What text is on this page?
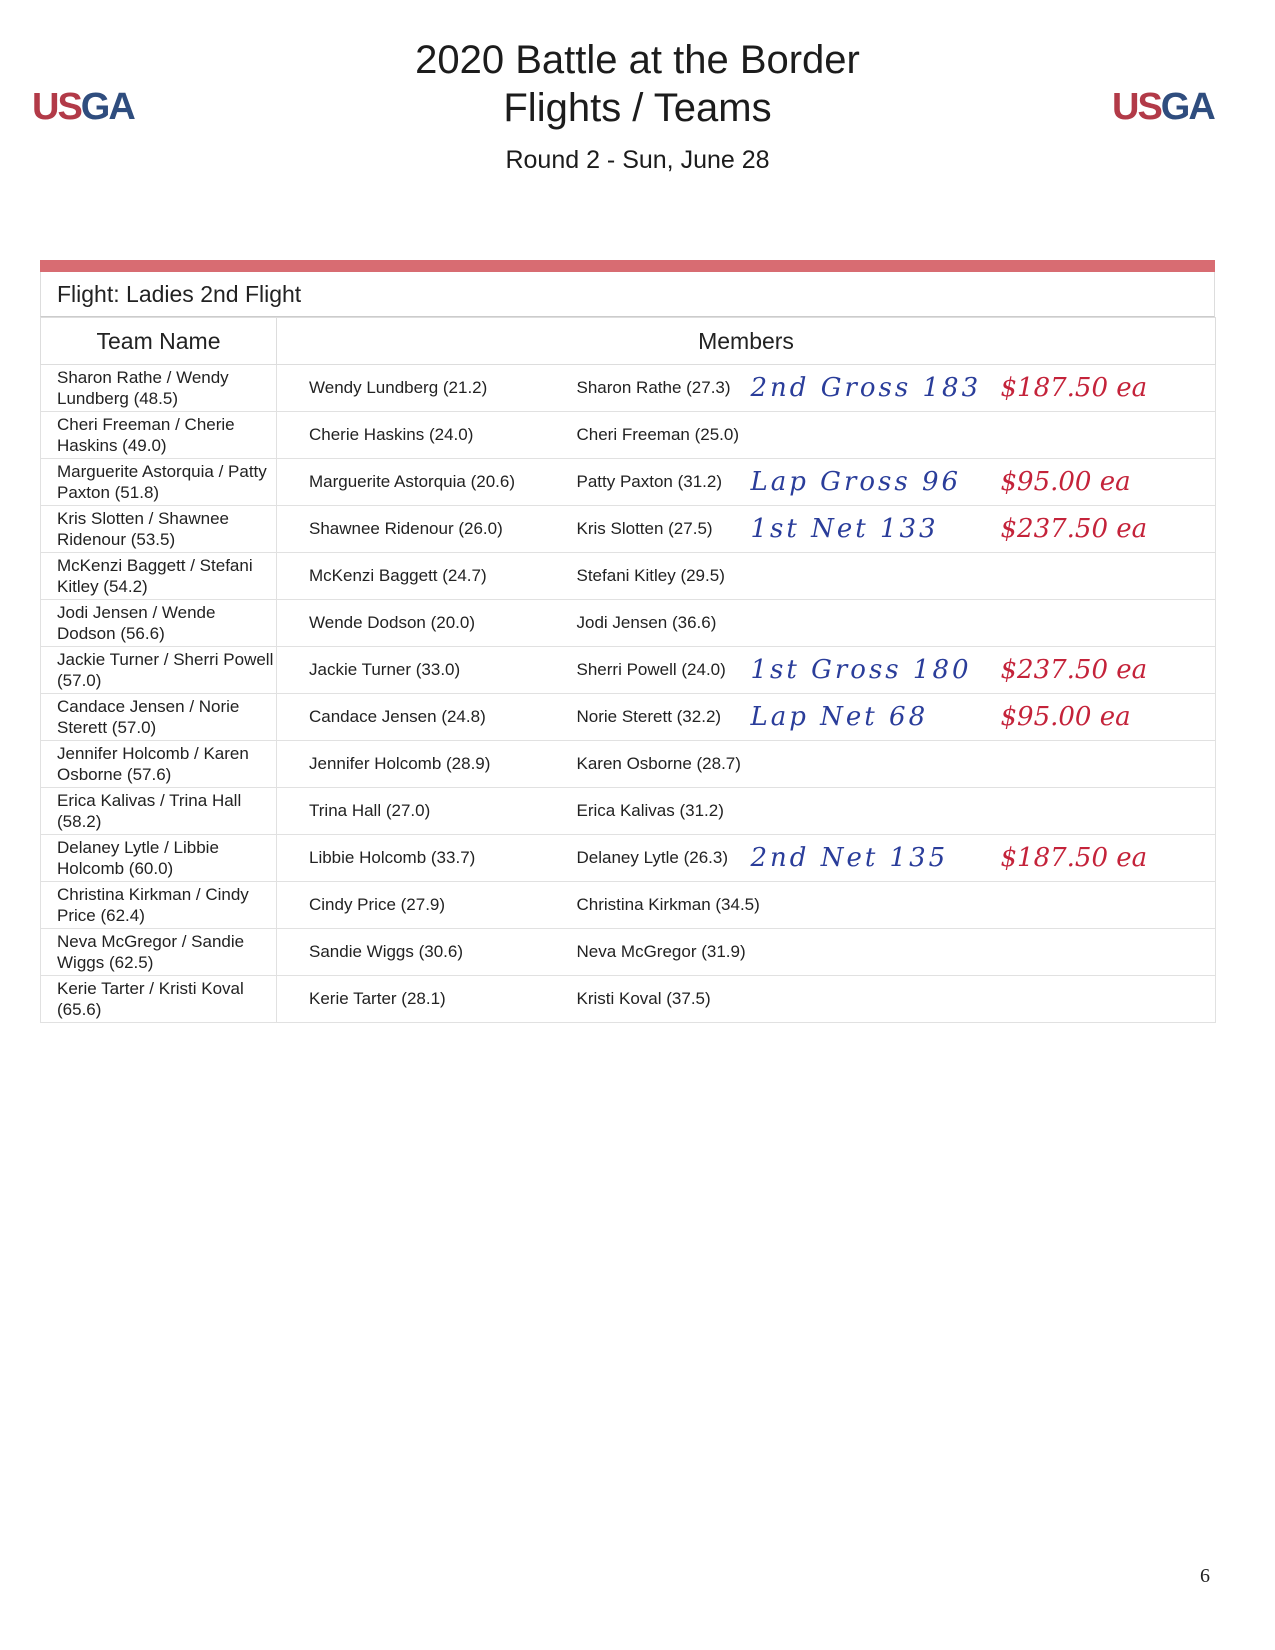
USGA	USGA
2020 Battle at the Border
Flights / Teams
Round 2 - Sun, June 28
Flight: Ladies 2nd Flight
Team Name	Members	
Sharon Rathe / Wendy Lundberg (48.5)	Wendy Lundberg (21.2)	Sharon Rathe (27.3) 2nd Gross 183 $187.50 ea

Cheri Freeman / Cherie Haskins (49.0)	Cherie Haskins (24.0)	Cheri Freeman (25.0)
Marguerite Astorquia / Patty Paxton (51.8)	Marguerite Astorquia (20.6)	Patty Paxton (31.2) Lap Gross 96 $95.00 ea

Kris Slotten / Shawnee Ridenour (53.5)	Shawnee Ridenour (26.0)	Kris Slotten (27.5) 1st Net 133 $237.50 ea

McKenzi Baggett / Stefani Kitley (54.2)	McKenzi Baggett (24.7)	Stefani Kitley (29.5)
Jodi Jensen / Wende Dodson (56.6)	Wende Dodson (20.0)	Jodi Jensen (36.6)
Jackie Turner / Sherri Powell (57.0)	Jackie Turner (33.0)	Sherri Powell (24.0) 1st Gross 180 $237.50 ea

Candace Jensen / Norie Sterett (57.0)	Candace Jensen (24.8)	Norie Sterett (32.2) Lap Net 68 $95.00 ea

Jennifer Holcomb / Karen Osborne (57.6)	Jennifer Holcomb (28.9)	Karen Osborne (28.7)
Erica Kalivas / Trina Hall (58.2)	Trina Hall (27.0)	Erica Kalivas (31.2)
Delaney Lytle / Libbie Holcomb (60.0)	Libbie Holcomb (33.7)	Delaney Lytle (26.3) 2nd Net 135 $187.50 ea

Christina Kirkman / Cindy Price (62.4)	Cindy Price (27.9)	Christina Kirkman (34.5)
Neva McGregor / Sandie Wiggs (62.5)	Sandie Wiggs (30.6)	Neva McGregor (31.9)
Kerie Tarter / Kristi Koval (65.6)	Kerie Tarter (28.1)	Kristi Koval (37.5)
6
